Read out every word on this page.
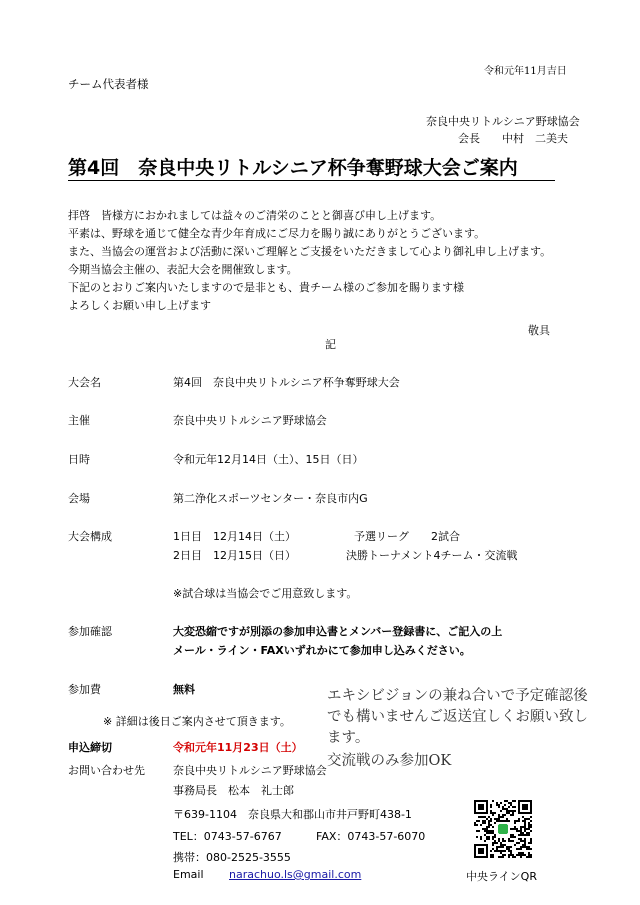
令和元年11月吉日
チーム代表者様
奈良中央リトルシニア野球協会
会長 中村　二美夫
第4回　奈良中央リトルシニア杯争奪野球大会ご案内
拝啓　皆様方におかれましては益々のご清栄のことと御喜び申し上げます。
平素は、野球を通じて健全な青少年育成にご尽力を賜り誠にありがとうございます。
また、当協会の運営および活動に深いご理解とご支援をいただきまして心より御礼申し上げます。
今期当協会主催の、表記大会を開催致します。
下記のとおりご案内いたしますので是非とも、貴チーム様のご参加を賜ります様
よろしくお願い申し上げます
敬具
記
大会名	第4回　奈良中央リトルシニア杯争奪野球大会
主催	奈良中央リトルシニア野球協会
日時	令和元年12月14日（土）、15日（日）
会場	第二浄化スポーツセンター・奈良市内G
大会構成	1日目　12月14日（土）	予選リーグ　　2試合
2日目　12月15日（日）	決勝トーナメント4チーム・交流戦
※試合球は当協会でご用意致します。
参加確認	大変恐縮ですが別添の参加申込書とメンバー登録書に、ご記入の上
メール・ライン・FAXいずれかにて参加申し込みください。
参加費	無料
※ 詳細は後日ご案内させて頂きます。
申込締切	令和元年11月23日（土）
お問い合わせ先	奈良中央リトルシニア野球協会
事務局長　松本　礼士郎
〒639-1104　奈良県大和郡山市井戸野町438-1
TEL：0743-57-6767	FAX：0743-57-6070
携帯：080-2525-3555
Email narachuo.ls@gmail.com
エキシビジョンの兼ね合いで予定確認後
でも構いませんご返送宜しくお願い致し
ます。
交流戦のみ参加OK
中央ラインQR
